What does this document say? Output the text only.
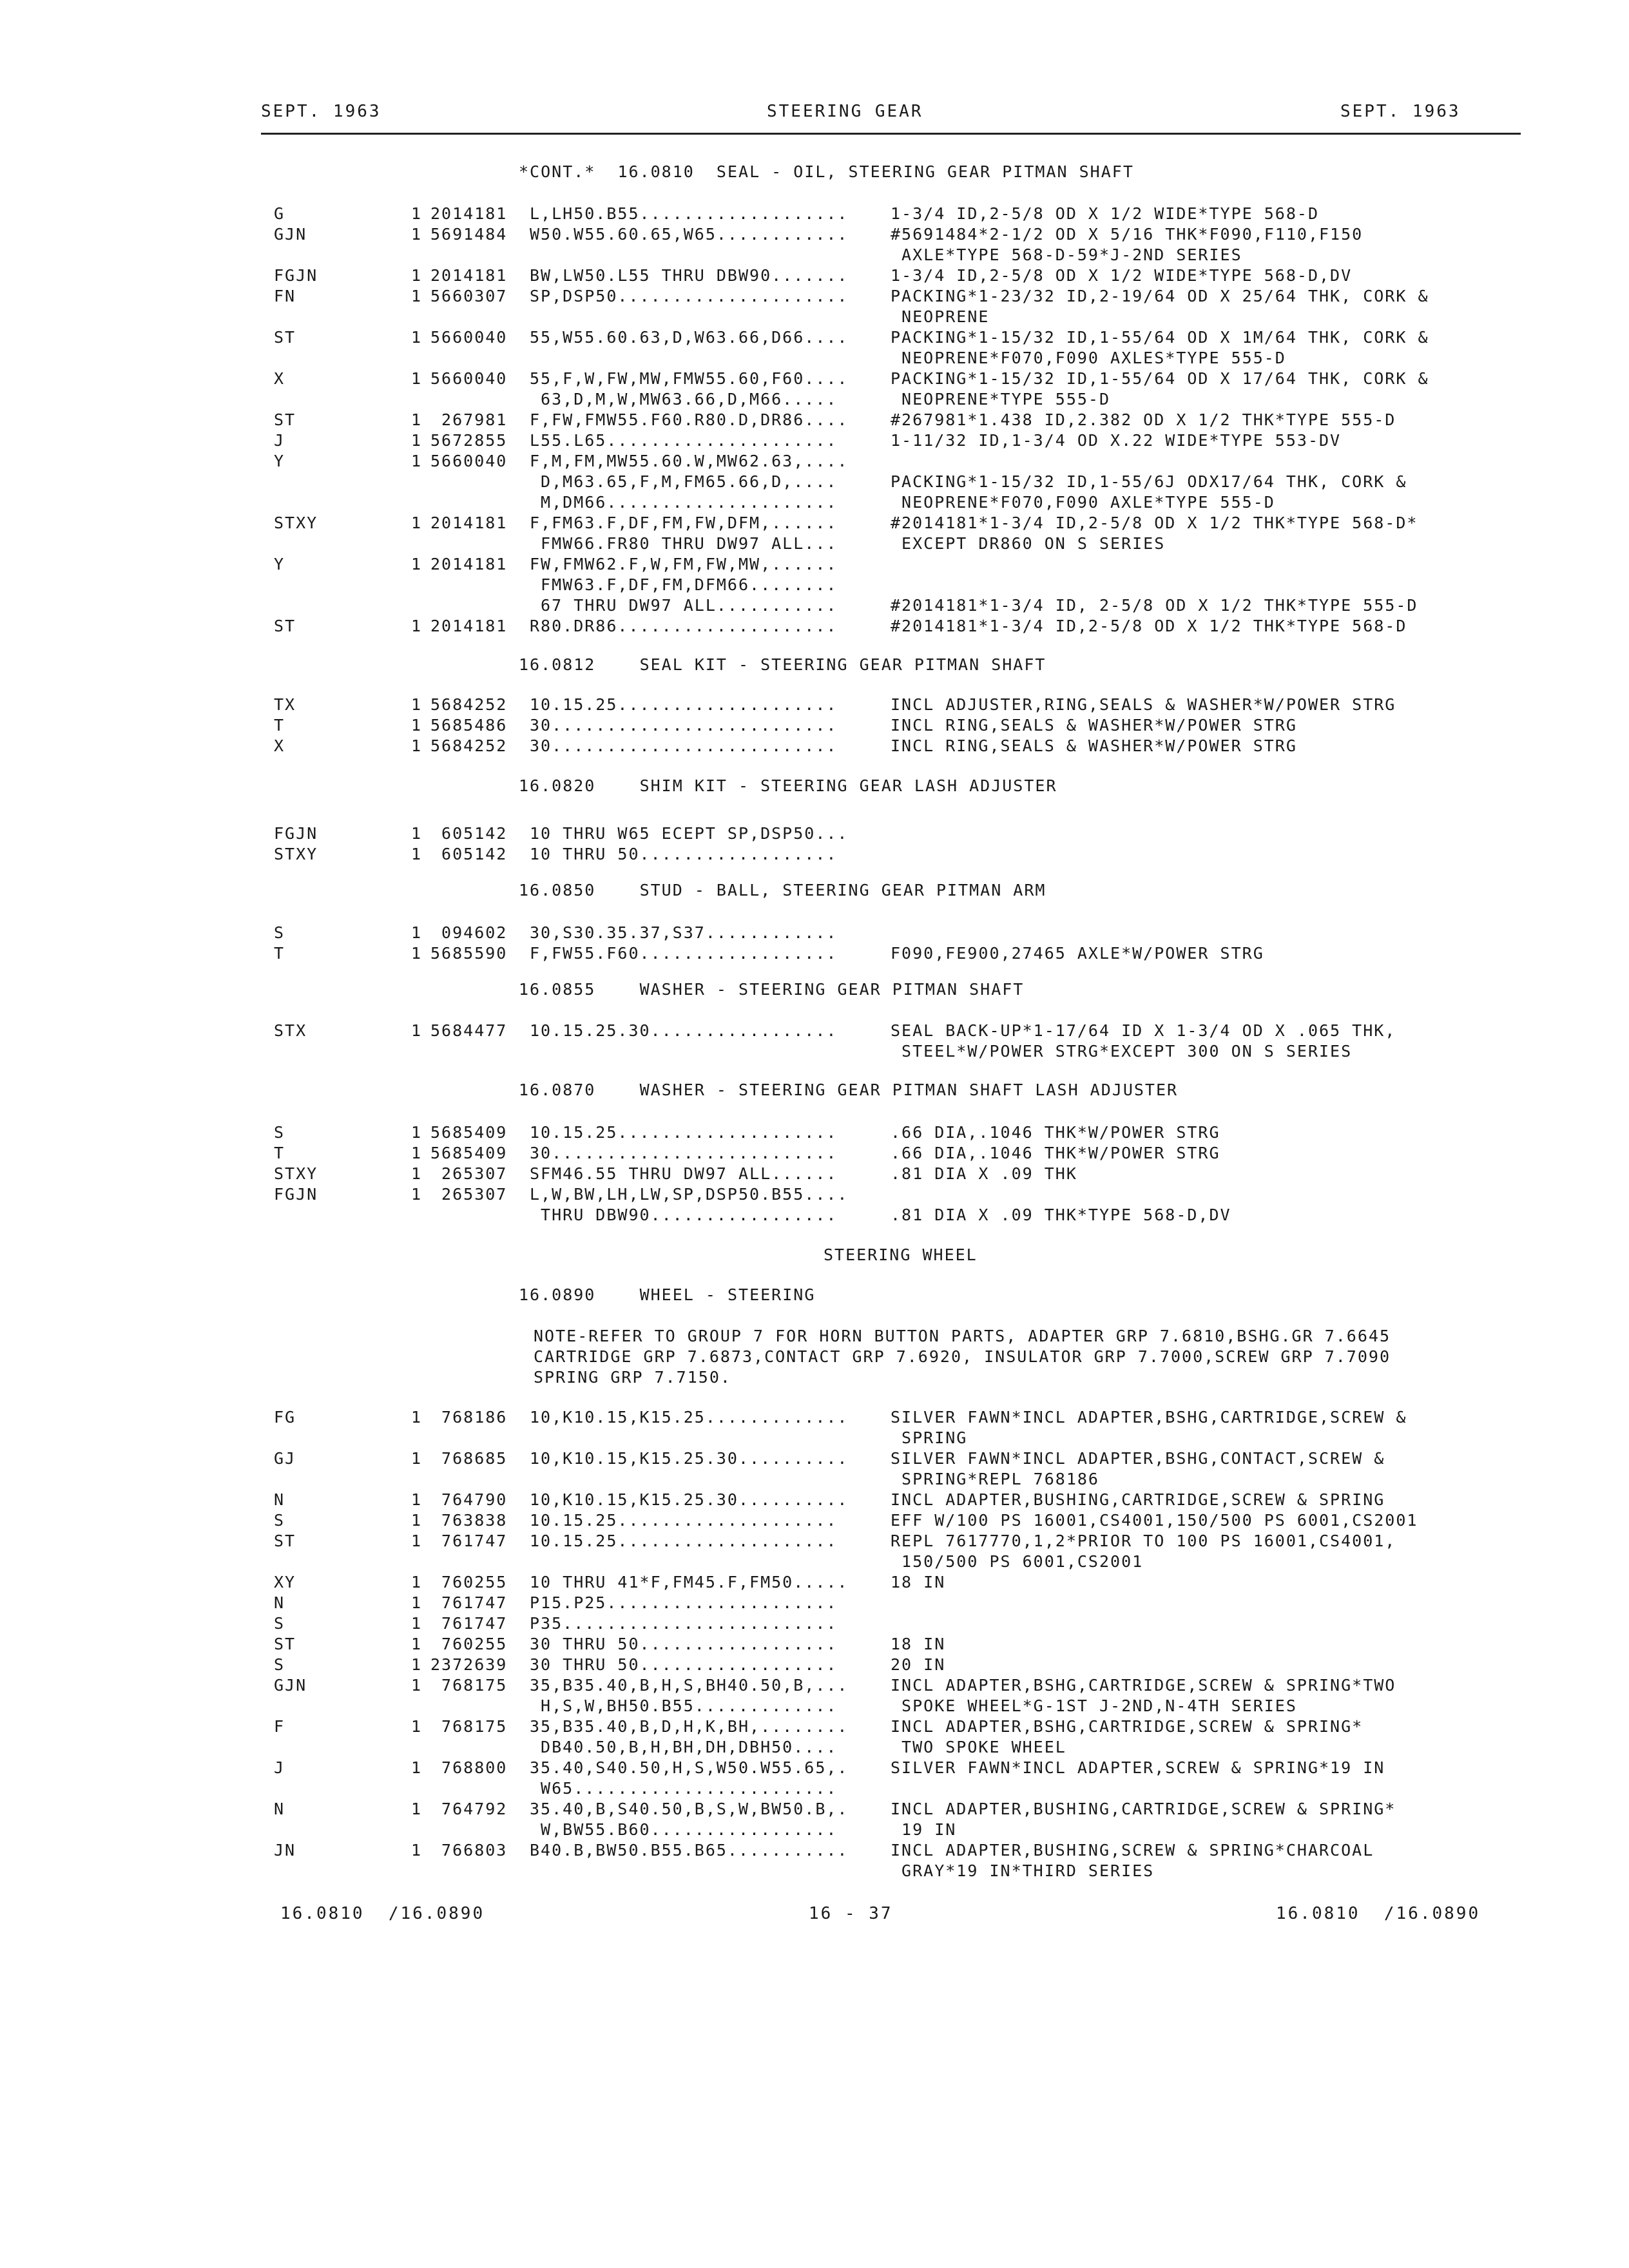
SEPT. 1963	STEERING GEAR	SEPT. 1963
*CONT.*  16.0810  SEAL - OIL, STEERING GEAR PITMAN SHAFT
G	1 2014181 L,LH50.B55...................	1-3/4 ID,2-5/8 OD X 1/2 WIDE*TYPE 568-D
GJN	1 5691484 W50.W55.60.65,W65............	#5691484*2-1/2 OD X 5/16 THK*F090,F110,F150
AXLE*TYPE 568-D-59*J-2ND SERIES
FGJN	1 2014181 BW,LW50.L55 THRU DBW90.......	1-3/4 ID,2-5/8 OD X 1/2 WIDE*TYPE 568-D,DV
FN	1 5660307 SP,DSP50.....................	PACKING*1-23/32 ID,2-19/64 OD X 25/64 THK, CORK &
NEOPRENE
ST	1 5660040 55,W55.60.63,D,W63.66,D66....	PACKING*1-15/32 ID,1-55/64 OD X 1M/64 THK, CORK &
NEOPRENE*F070,F090 AXLES*TYPE 555-D
X	1 5660040 55,F,W,FW,MW,FMW55.60,F60....	PACKING*1-15/32 ID,1-55/64 OD X 17/64 THK, CORK &
63,D,M,W,MW63.66,D,M66.....	NEOPRENE*TYPE 555-D
ST	1 267981 F,FW,FMW55.F60.R80.D,DR86....	#267981*1.438 ID,2.382 OD X 1/2 THK*TYPE 555-D
J	1 5672855 L55.L65.....................	1-11/32 ID,1-3/4 OD X.22 WIDE*TYPE 553-DV
Y	1 5660040 F,M,FM,MW55.60.W,MW62.63,....
D,M63.65,F,M,FM65.66,D,....	PACKING*1-15/32 ID,1-55/6J ODX17/64 THK, CORK &
M,DM66.....................	NEOPRENE*F070,F090 AXLE*TYPE 555-D
STXY	1 2014181 F,FM63.F,DF,FM,FW,DFM,......	#2014181*1-3/4 ID,2-5/8 OD X 1/2 THK*TYPE 568-D*
FMW66.FR80 THRU DW97 ALL...	EXCEPT DR860 ON S SERIES
Y	1 2014181 FW,FMW62.F,W,FM,FW,MW,......
FMW63.F,DF,FM,DFM66........
67 THRU DW97 ALL...........	#2014181*1-3/4 ID, 2-5/8 OD X 1/2 THK*TYPE 555-D
ST	1 2014181 R80.DR86....................	#2014181*1-3/4 ID,2-5/8 OD X 1/2 THK*TYPE 568-D
16.0812    SEAL KIT - STEERING GEAR PITMAN SHAFT
TX	1 5684252 10.15.25....................	INCL ADJUSTER,RING,SEALS & WASHER*W/POWER STRG
T	1 5685486 30..........................	INCL RING,SEALS & WASHER*W/POWER STRG
X	1 5684252 30..........................	INCL RING,SEALS & WASHER*W/POWER STRG
16.0820    SHIM KIT - STEERING GEAR LASH ADJUSTER
FGJN	1 605142 10 THRU W65 ECEPT SP,DSP50...
STXY	1 605142 10 THRU 50..................
16.0850    STUD - BALL, STEERING GEAR PITMAN ARM
S	1 094602 30,S30.35.37,S37............
T	1 5685590 F,FW55.F60..................	F090,FE900,27465 AXLE*W/POWER STRG
16.0855    WASHER - STEERING GEAR PITMAN SHAFT
STX	1 5684477 10.15.25.30.................	SEAL BACK-UP*1-17/64 ID X 1-3/4 OD X .065 THK,
STEEL*W/POWER STRG*EXCEPT 300 ON S SERIES
16.0870    WASHER - STEERING GEAR PITMAN SHAFT LASH ADJUSTER
S	1 5685409 10.15.25....................	.66 DIA,.1046 THK*W/POWER STRG
T	1 5685409 30..........................	.66 DIA,.1046 THK*W/POWER STRG
STXY	1 265307 SFM46.55 THRU DW97 ALL......	.81 DIA X .09 THK
FGJN	1 265307 L,W,BW,LH,LW,SP,DSP50.B55....
THRU DBW90.................	.81 DIA X .09 THK*TYPE 568-D,DV
STEERING WHEEL
16.0890    WHEEL - STEERING
NOTE-REFER TO GROUP 7 FOR HORN BUTTON PARTS, ADAPTER GRP 7.6810,BSHG.GR 7.6645
CARTRIDGE GRP 7.6873,CONTACT GRP 7.6920, INSULATOR GRP 7.7000,SCREW GRP 7.7090
SPRING GRP 7.7150.
FG	1 768186 10,K10.15,K15.25.............	SILVER FAWN*INCL ADAPTER,BSHG,CARTRIDGE,SCREW &
SPRING
GJ	1 768685 10,K10.15,K15.25.30..........	SILVER FAWN*INCL ADAPTER,BSHG,CONTACT,SCREW &
SPRING*REPL 768186
N	1 764790 10,K10.15,K15.25.30..........	INCL ADAPTER,BUSHING,CARTRIDGE,SCREW & SPRING
S	1 763838 10.15.25....................	EFF W/100 PS 16001,CS4001,150/500 PS 6001,CS2001
ST	1 761747 10.15.25....................	REPL 7617770,1,2*PRIOR TO 100 PS 16001,CS4001,
150/500 PS 6001,CS2001
XY	1 760255 10 THRU 41*F,FM45.F,FM50.....	18 IN
N	1 761747 P15.P25.....................
S	1 761747 P35.........................
ST	1 760255 30 THRU 50..................	18 IN
S	1 2372639 30 THRU 50..................	20 IN
GJN	1 768175 35,B35.40,B,H,S,BH40.50,B,...	INCL ADAPTER,BSHG,CARTRIDGE,SCREW & SPRING*TWO
H,S,W,BH50.B55.............	SPOKE WHEEL*G-1ST J-2ND,N-4TH SERIES
F	1 768175 35,B35.40,B,D,H,K,BH,........	INCL ADAPTER,BSHG,CARTRIDGE,SCREW & SPRING*
DB40.50,B,H,BH,DH,DBH50....	TWO SPOKE WHEEL
J	1 768800 35.40,S40.50,H,S,W50.W55.65,.	SILVER FAWN*INCL ADAPTER,SCREW & SPRING*19 IN
W65........................
N	1 764792 35.40,B,S40.50,B,S,W,BW50.B,.	INCL ADAPTER,BUSHING,CARTRIDGE,SCREW & SPRING*
W,BW55.B60.................	19 IN
JN	1 766803 B40.B,BW50.B55.B65...........	INCL ADAPTER,BUSHING,SCREW & SPRING*CHARCOAL
GRAY*19 IN*THIRD SERIES
16.0810  /16.0890	16 - 37	16.0810  /16.0890
